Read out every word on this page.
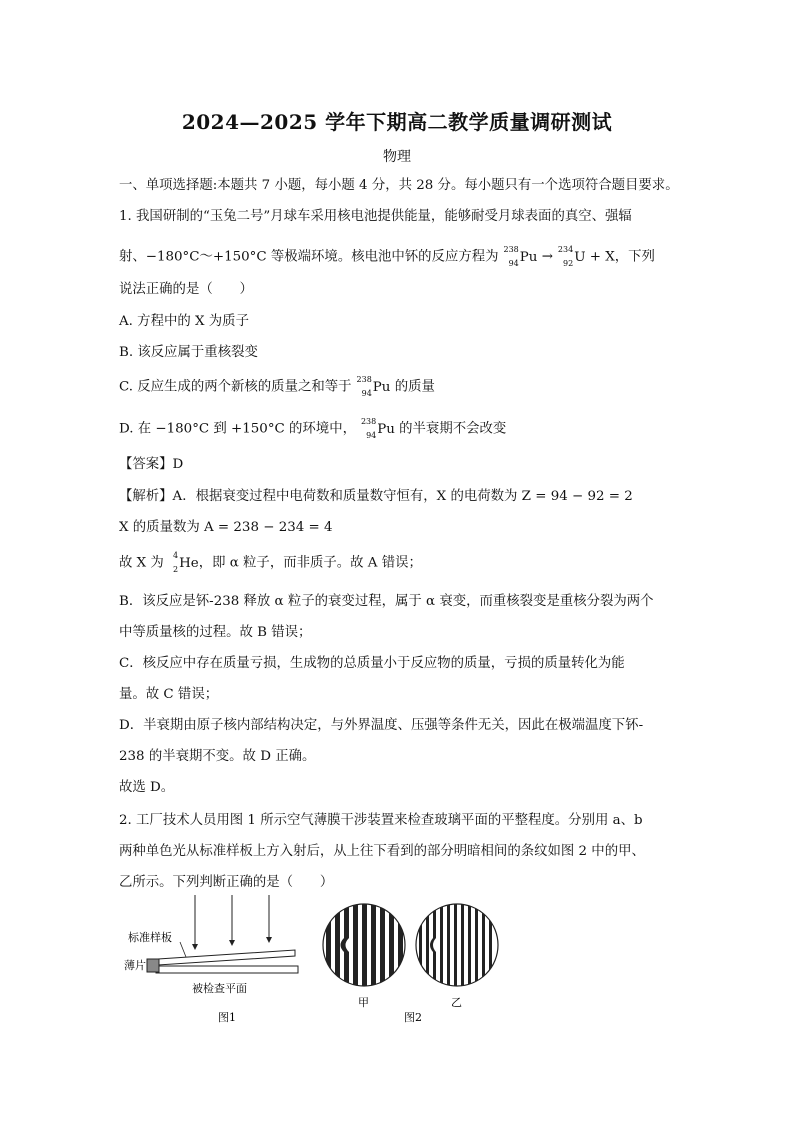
2024—2025 学年下期高二教学质量调研测试
物理
一、单项选择题:本题共 7 小题，每小题 4 分，共 28 分。每小题只有一个选项符合题目要求。
1. 我国研制的“玉兔二号”月球车采用核电池提供能量，能够耐受月球表面的真空、强辐
射、−180°C～+150°C 等极端环境。核电池中钚的反应方程为 238
94 Pu → 234
92 U + X，下列
说法正确的是（　　）
A. 方程中的 X 为质子
B. 该反应属于重核裂变
C. 反应生成的两个新核的质量之和等于 238
94 Pu 的质量
D. 在 −180°C 到 +150°C 的环境中， 238
94 Pu 的半衰期不会改变
【答案】D
【解析】A．根据衰变过程中电荷数和质量数守恒有，X 的电荷数为 Z = 94 − 92 = 2
X 的质量数为 A = 238 − 234 = 4
故 X 为 4
2 He，即 α 粒子，而非质子。故 A 错误；
B．该反应是钚-238 释放 α 粒子的衰变过程，属于 α 衰变，而重核裂变是重核分裂为两个
中等质量核的过程。故 B 错误；
C．核反应中存在质量亏损，生成物的总质量小于反应物的质量，亏损的质量转化为能
量。故 C 错误；
D．半衰期由原子核内部结构决定，与外界温度、压强等条件无关，因此在极端温度下钚-
238 的半衰期不变。故 D 正确。
故选 D。
2. 工厂技术人员用图 1 所示空气薄膜干涉装置来检查玻璃平面的平整程度。分别用 a、b
两种单色光从标准样板上方入射后，从上往下看到的部分明暗相间的条纹如图 2 中的甲、
乙所示。下列判断正确的是（　　）
标准样板
薄片
被检查平面
图1
甲	乙
图2
